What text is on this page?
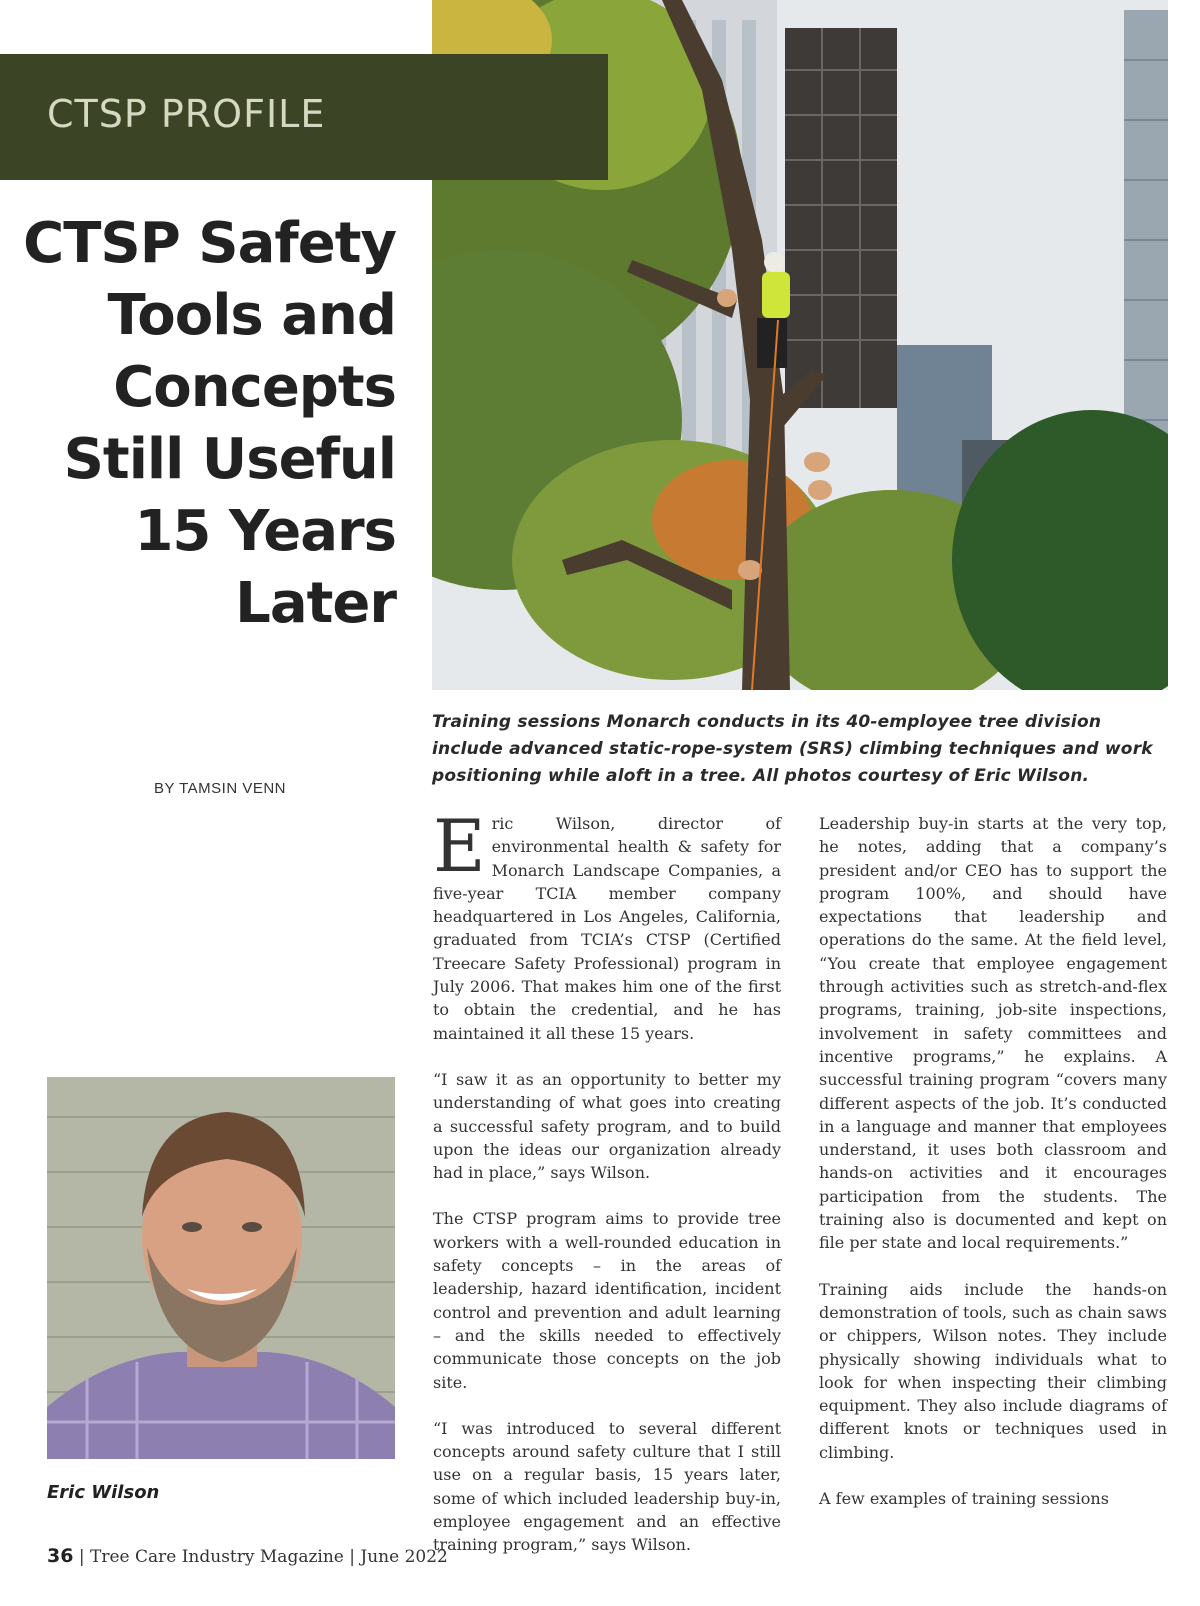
CTSP PROFILE
CTSP Safety
Tools and
Concepts
Still Useful
15 Years
Later
BY TAMSIN VENN

Training sessions Monarch conducts in its 40-employee tree division include advanced static-rope-system (SRS) climbing techniques and work positioning while aloft in a tree. All photos courtesy of Eric Wilson.

Eric Wilson

Eric Wilson, director of environmental health & safety for Monarch Landscape Companies, a five-year TCIA member company headquartered in Los Angeles, California, graduated from TCIA’s CTSP (Certified Treecare Safety Professional) program in July 2006. That makes him one of the first to obtain the credential, and he has maintained it all these 15 years.

“I saw it as an opportunity to better my understanding of what goes into creating a successful safety program, and to build upon the ideas our organization already had in place,” says Wilson.

The CTSP program aims to provide tree workers with a well-rounded education in safety concepts – in the areas of leadership, hazard identification, incident control and prevention and adult learning – and the skills needed to effectively communicate those concepts on the job site.

“I was introduced to several different concepts around safety culture that I still use on a regular basis, 15 years later, some of which included leadership buy-in, employee engagement and an effective training program,” says Wilson.

Leadership buy-in starts at the very top, he notes, adding that a company’s president and/or CEO has to support the program 100%, and should have expectations that leadership and operations do the same. At the field level, “You create that employee engagement through activities such as stretch-and-flex programs, training, job-site inspections, involvement in safety committees and incentive programs,” he explains. A successful training program “covers many different aspects of the job. It’s conducted in a language and manner that employees understand, it uses both classroom and hands-on activities and it encourages participation from the students. The training also is documented and kept on file per state and local requirements.”

Training aids include the hands-on demonstration of tools, such as chain saws or chippers, Wilson notes. They include physically showing individuals what to look for when inspecting their climbing equipment. They also include diagrams of different knots or techniques used in climbing.

A few examples of training sessions

36 | Tree Care Industry Magazine | June 2022
